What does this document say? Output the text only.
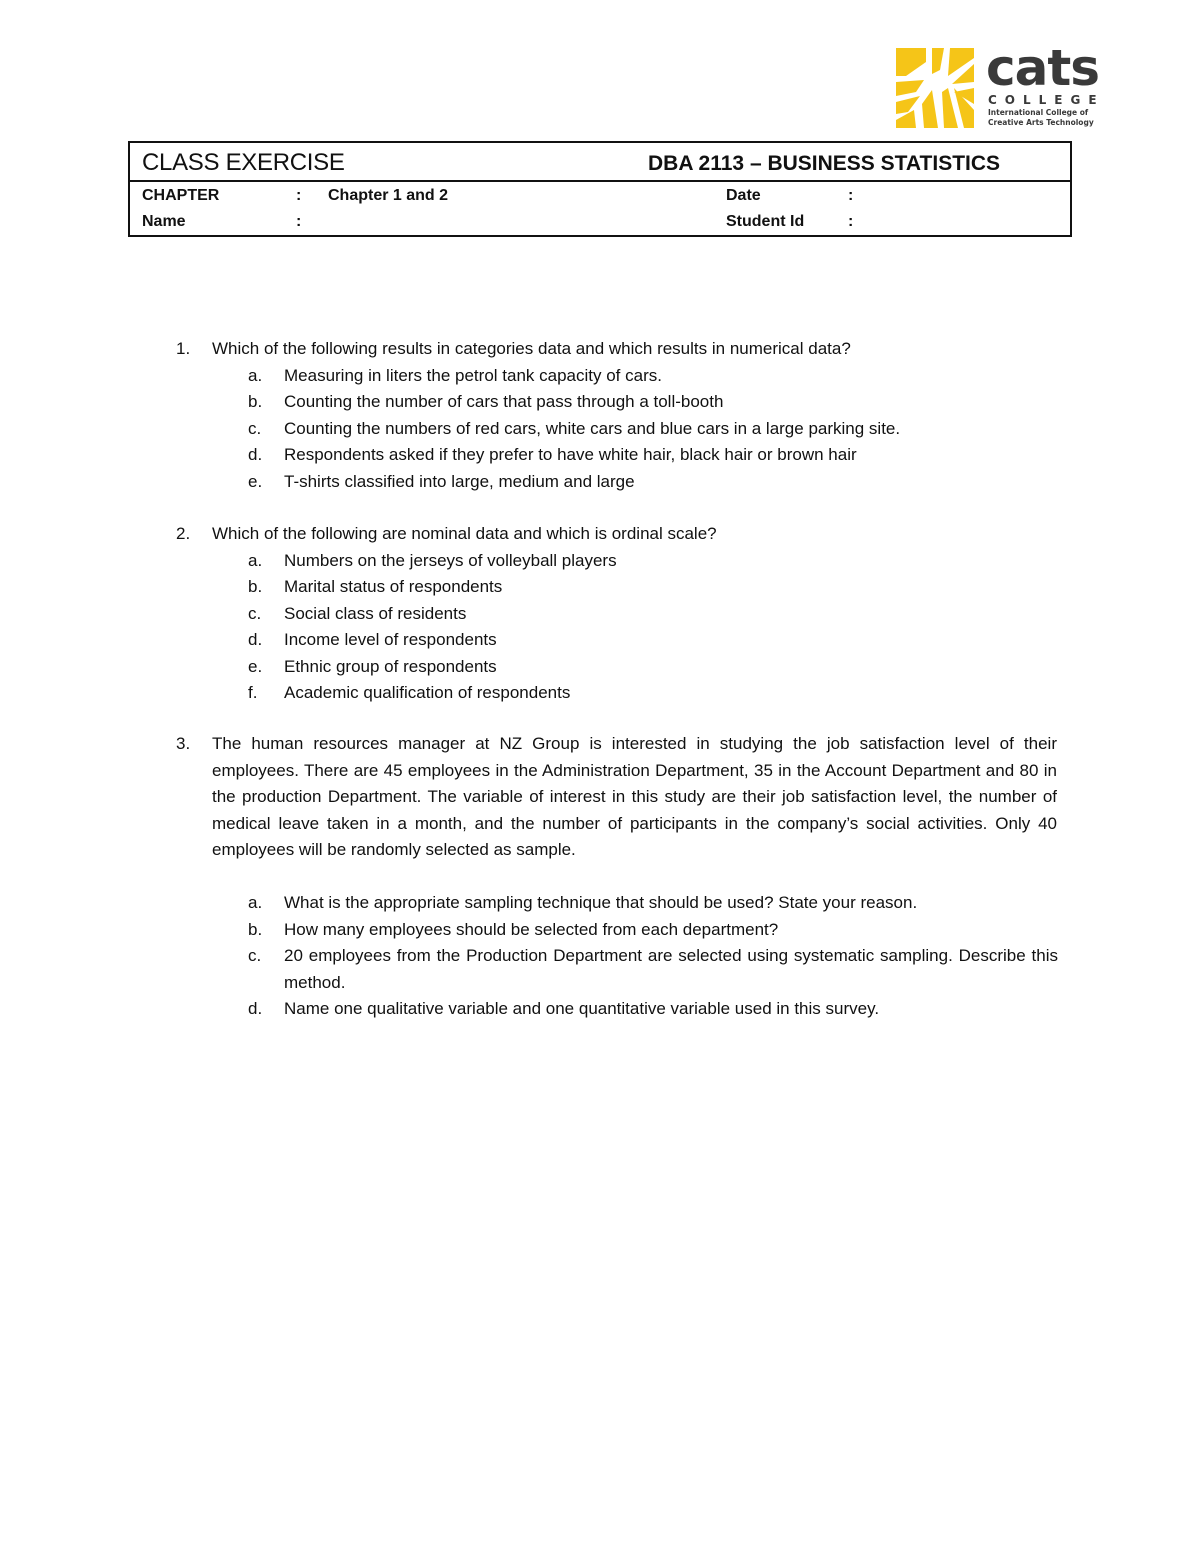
cats
COLLEGE
International College of
Creative Arts Technology
CLASS EXERCISE	DBA 2113 – BUSINESS STATISTICS
CHAPTER	: Chapter 1 and 2	Date	:
Name	:	Student Id	:
1. Which of the following results in categories data and which results in numerical data?
a. Measuring in liters the petrol tank capacity of cars.
b. Counting the number of cars that pass through a toll-booth
c. Counting the numbers of red cars, white cars and blue cars in a large parking site.
d. Respondents asked if they prefer to have white hair, black hair or brown hair
e. T-shirts classified into large, medium and large
2. Which of the following are nominal data and which is ordinal scale?
a. Numbers on the jerseys of volleyball players
b. Marital status of respondents
c. Social class of residents
d. Income level of respondents
e. Ethnic group of respondents
f. Academic qualification of respondents
3. The human resources manager at NZ Group is interested in studying the job satisfaction level of their employees. There are 45 employees in the Administration Department, 35 in the Account Department and 80 in the production Department. The variable of interest in this study are their job satisfaction level, the number of medical leave taken in a month, and the number of participants in the company’s social activities. Only 40 employees will be randomly selected as sample.
a. What is the appropriate sampling technique that should be used? State your reason.
b. How many employees should be selected from each department?
c. 20 employees from the Production Department are selected using systematic sampling. Describe this method.
d. Name one qualitative variable and one quantitative variable used in this survey.
